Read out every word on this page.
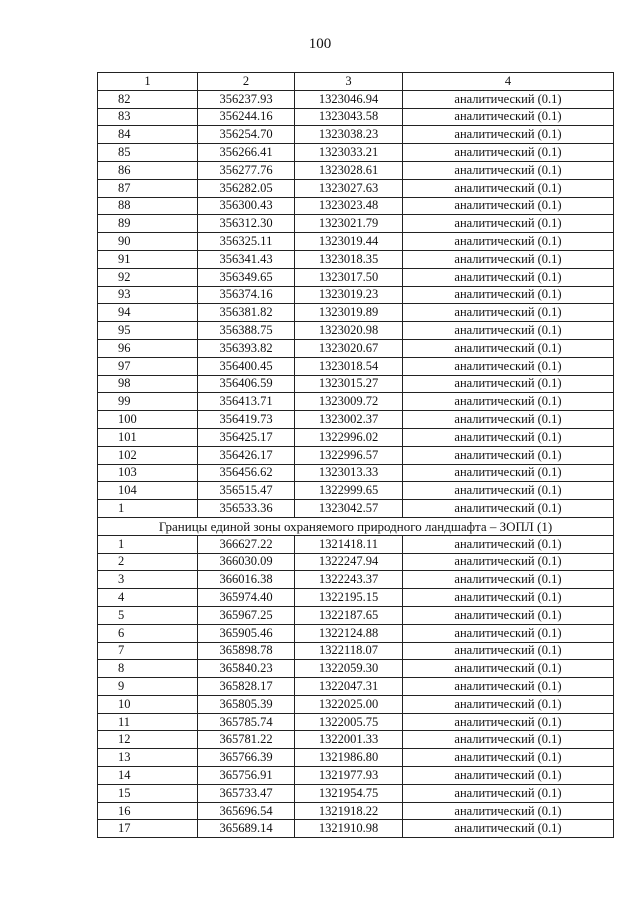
100
1	2	3	4
82	356237.93	1323046.94	аналитический (0.1)
83	356244.16	1323043.58	аналитический (0.1)
84	356254.70	1323038.23	аналитический (0.1)
85	356266.41	1323033.21	аналитический (0.1)
86	356277.76	1323028.61	аналитический (0.1)
87	356282.05	1323027.63	аналитический (0.1)
88	356300.43	1323023.48	аналитический (0.1)
89	356312.30	1323021.79	аналитический (0.1)
90	356325.11	1323019.44	аналитический (0.1)
91	356341.43	1323018.35	аналитический (0.1)
92	356349.65	1323017.50	аналитический (0.1)
93	356374.16	1323019.23	аналитический (0.1)
94	356381.82	1323019.89	аналитический (0.1)
95	356388.75	1323020.98	аналитический (0.1)
96	356393.82	1323020.67	аналитический (0.1)
97	356400.45	1323018.54	аналитический (0.1)
98	356406.59	1323015.27	аналитический (0.1)
99	356413.71	1323009.72	аналитический (0.1)
100	356419.73	1323002.37	аналитический (0.1)
101	356425.17	1322996.02	аналитический (0.1)
102	356426.17	1322996.57	аналитический (0.1)
103	356456.62	1323013.33	аналитический (0.1)
104	356515.47	1322999.65	аналитический (0.1)
1	356533.36	1323042.57	аналитический (0.1)
Границы единой зоны охраняемого природного ландшафта – ЗОПЛ (1)			
1	366627.22	1321418.11	аналитический (0.1)
2	366030.09	1322247.94	аналитический (0.1)
3	366016.38	1322243.37	аналитический (0.1)
4	365974.40	1322195.15	аналитический (0.1)
5	365967.25	1322187.65	аналитический (0.1)
6	365905.46	1322124.88	аналитический (0.1)
7	365898.78	1322118.07	аналитический (0.1)
8	365840.23	1322059.30	аналитический (0.1)
9	365828.17	1322047.31	аналитический (0.1)
10	365805.39	1322025.00	аналитический (0.1)
11	365785.74	1322005.75	аналитический (0.1)
12	365781.22	1322001.33	аналитический (0.1)
13	365766.39	1321986.80	аналитический (0.1)
14	365756.91	1321977.93	аналитический (0.1)
15	365733.47	1321954.75	аналитический (0.1)
16	365696.54	1321918.22	аналитический (0.1)
17	365689.14	1321910.98	аналитический (0.1)
